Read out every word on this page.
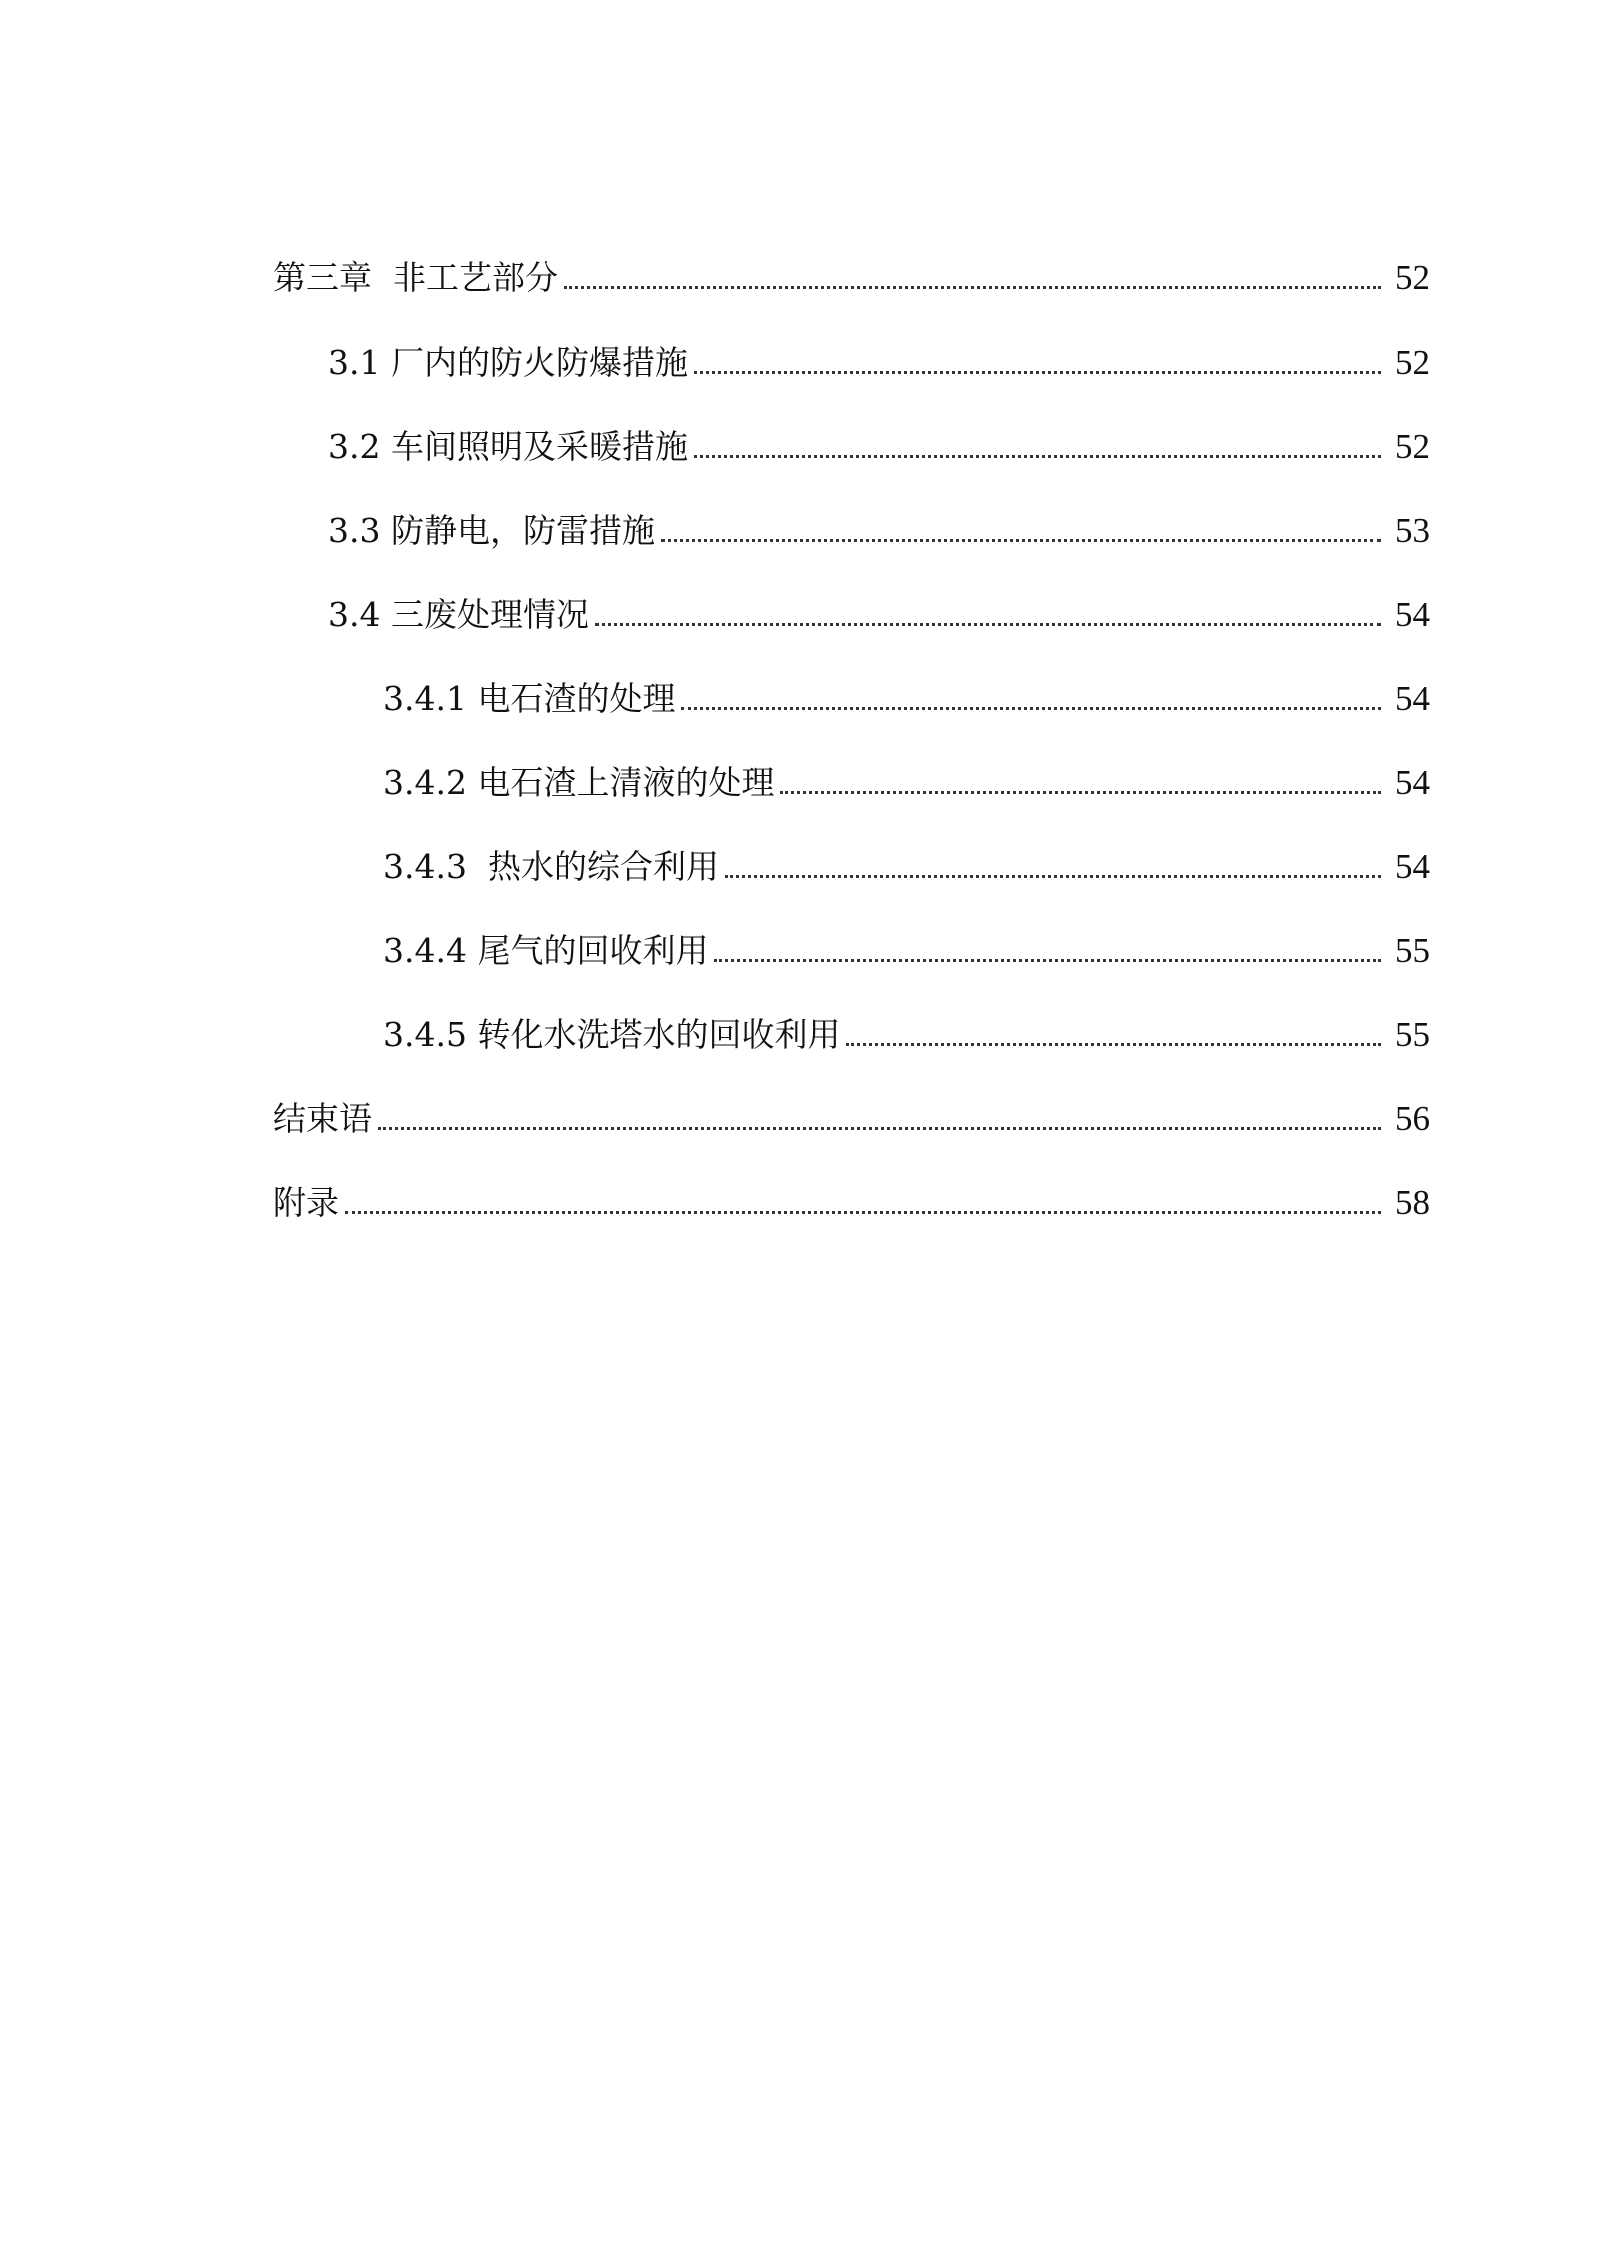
第三章  非工艺部分	52
3.1 厂内的防火防爆措施	52
3.2 车间照明及采暖措施	52
3.3 防静电，防雷措施	53
3.4 三废处理情况	54
3.4.1 电石渣的处理	54
3.4.2 电石渣上清液的处理	54
3.4.3  热水的综合利用	54
3.4.4 尾气的回收利用	55
3.4.5 转化水洗塔水的回收利用	55
结束语	56
附录	58
